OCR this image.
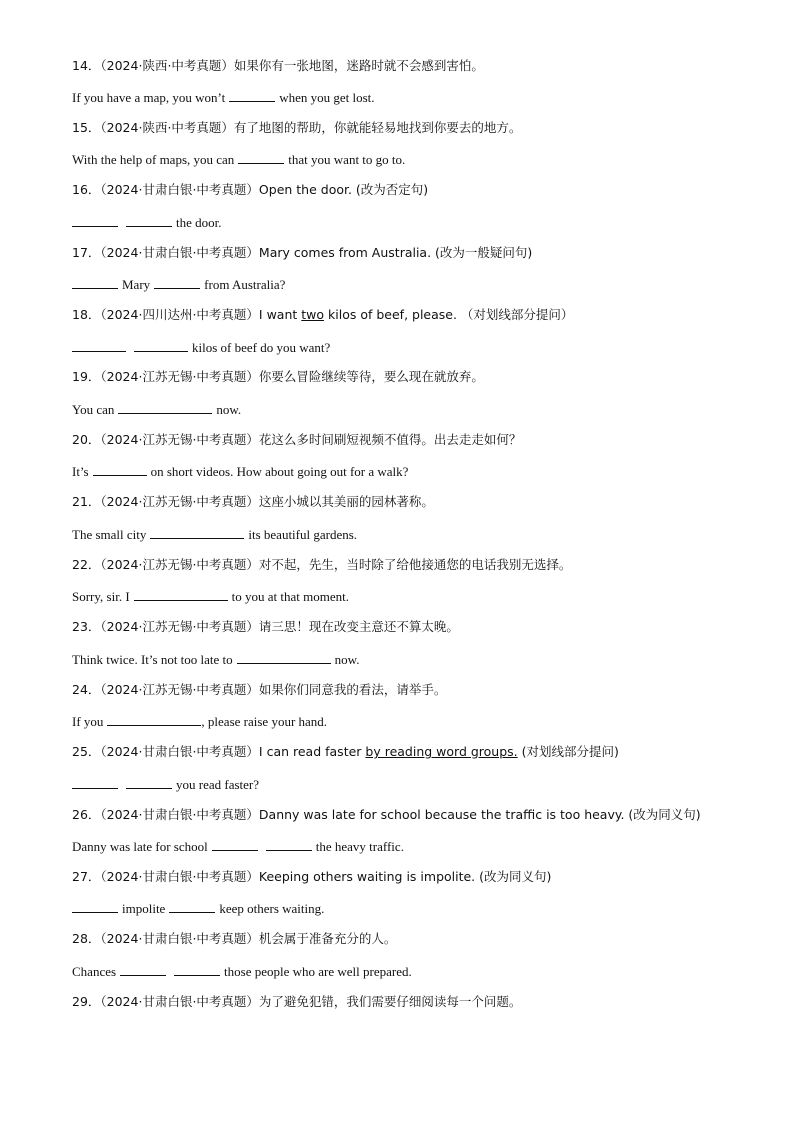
14．（2024·陕西·中考真题）如果你有一张地图，迷路时就不会感到害怕。
If you have a map, you won’t	when you get lost.
15．（2024·陕西·中考真题）有了地图的帮助，你就能轻易地找到你要去的地方。
With the help of maps, you can	that you want to go to.
16．（2024·甘肃白银·中考真题）Open the door. (改为否定句)
the door.
17．（2024·甘肃白银·中考真题）Mary comes from Australia. (改为一般疑问句)
Mary	from Australia?
18．（2024·四川达州·中考真题）I want two kilos of beef, please. （对划线部分提问）
kilos of beef do you want?
19．（2024·江苏无锡·中考真题）你要么冒险继续等待，要么现在就放弃。
You can	now.
20．（2024·江苏无锡·中考真题）花这么多时间刷短视频不值得。出去走走如何？
It’s	on short videos. How about going out for a walk?
21．（2024·江苏无锡·中考真题）这座小城以其美丽的园林著称。
The small city	its beautiful gardens.
22．（2024·江苏无锡·中考真题）对不起，先生，当时除了给他接通您的电话我别无选择。
Sorry, sir. I	to you at that moment.
23．（2024·江苏无锡·中考真题）请三思！现在改变主意还不算太晚。
Think twice. It’s not too late to	now.
24．（2024·江苏无锡·中考真题）如果你们同意我的看法，请举手。
If you	, please raise your hand.
25．（2024·甘肃白银·中考真题）I can read faster by reading word groups. (对划线部分提问)
you read faster?
26．（2024·甘肃白银·中考真题）Danny was late for school because the traffic is too heavy. (改为同义句)
Danny was late for school	the heavy traffic.
27．（2024·甘肃白银·中考真题）Keeping others waiting is impolite. (改为同义句)
impolite	keep others waiting.
28．（2024·甘肃白银·中考真题）机会属于准备充分的人。
Chances	those people who are well prepared.
29．（2024·甘肃白银·中考真题）为了避免犯错，我们需要仔细阅读每一个问题。
